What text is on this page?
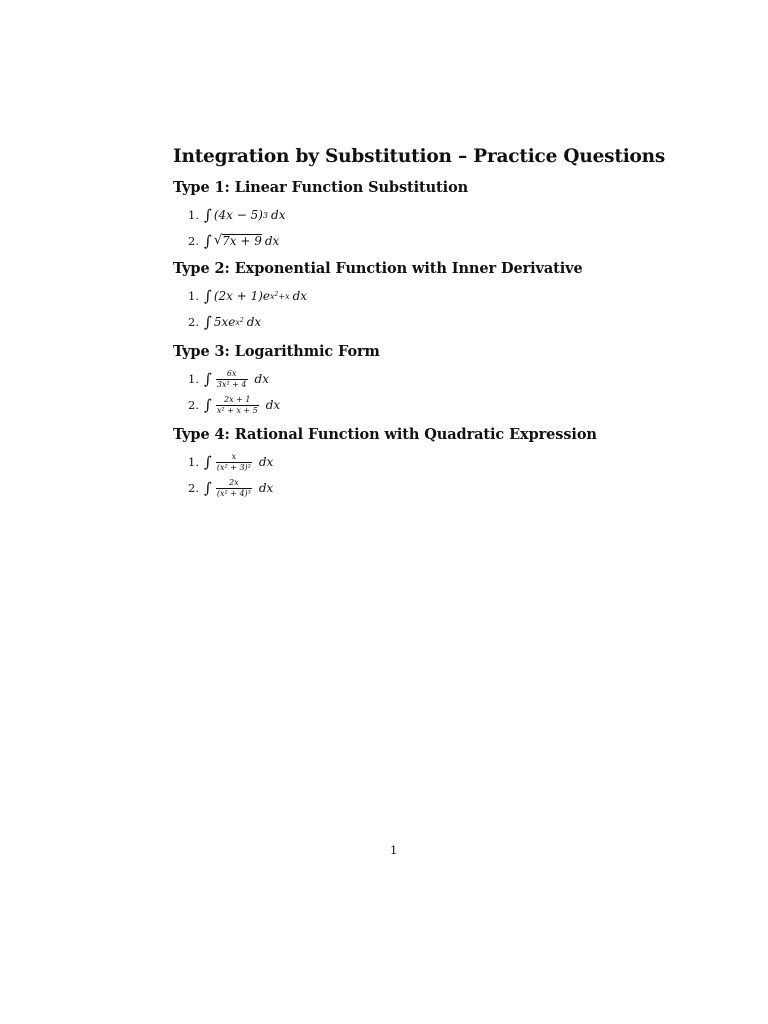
Integration by Substitution – Practice Questions
Type 1: Linear Function Substitution
1. ∫ (4x − 5) 3 dx
2. ∫ √ 7x + 9 dx
Type 2: Exponential Function with Inner Derivative
1. ∫ (2x + 1)e $x^2+x$ dx
2. ∫ 5xe $x^2$ dx
Type 3: Logarithmic Form
1. ∫ $\frac{6x}{\text{3x² + 4}}$ dx
2. ∫ $\frac{2x + 1}{\text{x² + x + 5}}$ dx
Type 4: Rational Function with Quadratic Expression
1. ∫ $\frac{x}{\text{(x² + 3)²}}$ dx
2. ∫ $\frac{2x}{\text{(x² + 4)³}}$ dx
1
